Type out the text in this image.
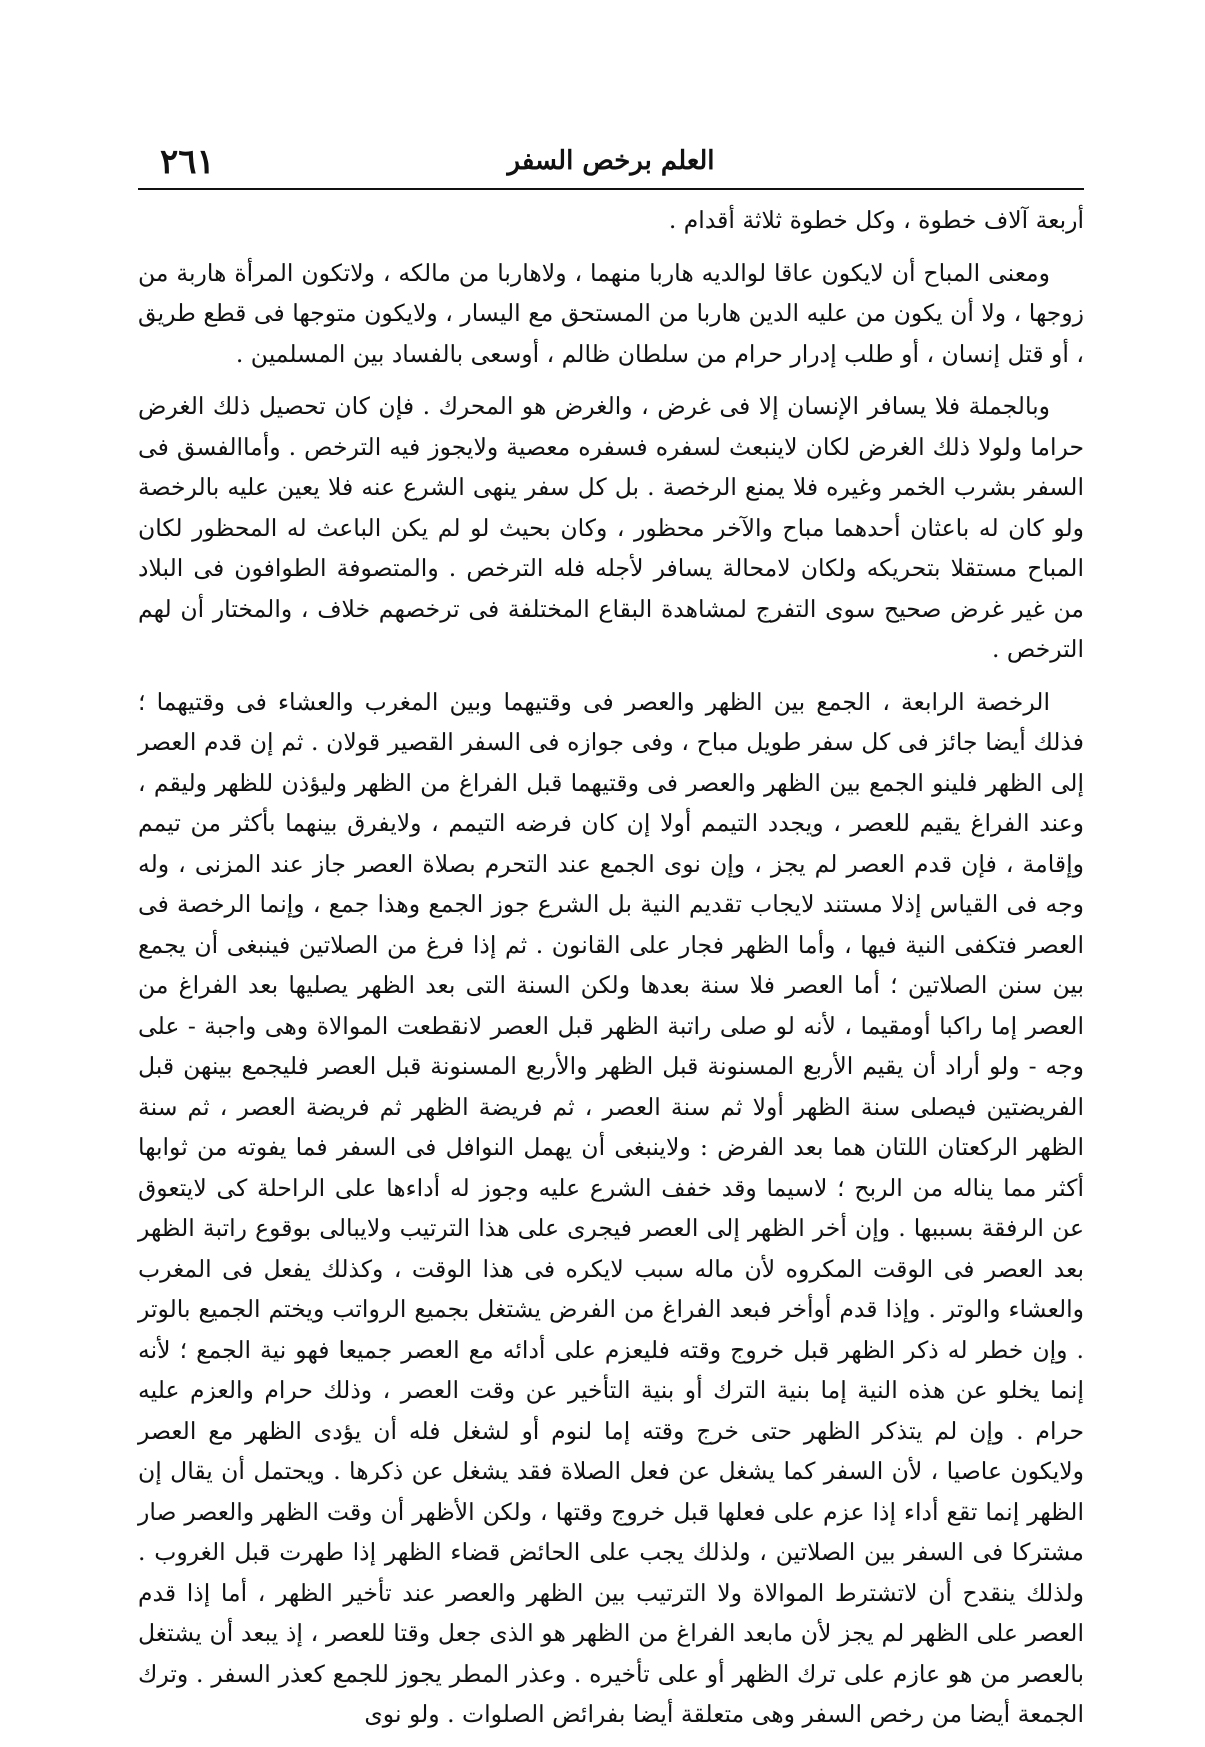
العلم برخص السفر
٢٦١

أربعة آلاف خطوة ، وكل خطوة ثلاثة أقدام .

ومعنى المباح أن لايكون عاقا لوالديه هاربا منهما ، ولاهاربا من مالكه ، ولاتكون المرأة هاربة من زوجها ، ولا أن يكون من عليه الدين هاربا من المستحق مع اليسار ، ولايكون متوجها فى قطع طريق ، أو قتل إنسان ، أو طلب إدرار حرام من سلطان ظالم ، أوسعى بالفساد بين المسلمين .

وبالجملة فلا يسافر الإنسان إلا فى غرض ، والغرض هو المحرك . فإن كان تحصيل ذلك الغرض حراما ولولا ذلك الغرض لكان لاينبعث لسفره فسفره معصية ولايجوز فيه الترخص . وأماالفسق فى السفر بشرب الخمر وغيره فلا يمنع الرخصة . بل كل سفر ينهى الشرع عنه فلا يعين عليه بالرخصة ولو كان له باعثان أحدهما مباح والآخر محظور ، وكان بحيث لو لم يكن الباعث له المحظور لكان المباح مستقلا بتحريكه ولكان لامحالة يسافر لأجله فله الترخص . والمتصوفة الطوافون فى البلاد من غير غرض صحيح سوى التفرج لمشاهدة البقاع المختلفة فى ترخصهم خلاف ، والمختار أن لهم الترخص .

الرخصة الرابعة ، الجمع بين الظهر والعصر فى وقتيهما وبين المغرب والعشاء فى وقتيهما ؛ فذلك أيضا جائز فى كل سفر طويل مباح ، وفى جوازه فى السفر القصير قولان . ثم إن قدم العصر إلى الظهر فلينو الجمع بين الظهر والعصر فى وقتيهما قبل الفراغ من الظهر وليؤذن للظهر وليقم ، وعند الفراغ يقيم للعصر ، ويجدد التيمم أولا إن كان فرضه التيمم ، ولايفرق بينهما بأكثر من تيمم وإقامة ، فإن قدم العصر لم يجز ، وإن نوى الجمع عند التحرم بصلاة العصر جاز عند المزنى ، وله وجه فى القياس إذلا مستند لايجاب تقديم النية بل الشرع جوز الجمع وهذا جمع ، وإنما الرخصة فى العصر فتكفى النية فيها ، وأما الظهر فجار على القانون . ثم إذا فرغ من الصلاتين فينبغى أن يجمع بين سنن الصلاتين ؛ أما العصر فلا سنة بعدها ولكن السنة التى بعد الظهر يصليها بعد الفراغ من العصر إما راكبا أومقيما ، لأنه لو صلى راتبة الظهر قبل العصر لانقطعت الموالاة وهى واجبة - على وجه - ولو أراد أن يقيم الأربع المسنونة قبل الظهر والأربع المسنونة قبل العصر فليجمع بينهن قبل الفريضتين فيصلى سنة الظهر أولا ثم سنة العصر ، ثم فريضة الظهر ثم فريضة العصر ، ثم سنة الظهر الركعتان اللتان هما بعد الفرض : ولاينبغى أن يهمل النوافل فى السفر فما يفوته من ثوابها أكثر مما يناله من الربح ؛ لاسيما وقد خفف الشرع عليه وجوز له أداءها على الراحلة كى لايتعوق عن الرفقة بسببها . وإن أخر الظهر إلى العصر فيجرى على هذا الترتيب ولايبالى بوقوع راتبة الظهر بعد العصر فى الوقت المكروه لأن ماله سبب لايكره فى هذا الوقت ، وكذلك يفعل فى المغرب والعشاء والوتر . وإذا قدم أوأخر فبعد الفراغ من الفرض يشتغل بجميع الرواتب ويختم الجميع بالوتر . وإن خطر له ذكر الظهر قبل خروج وقته فليعزم على أدائه مع العصر جميعا فهو نية الجمع ؛ لأنه إنما يخلو عن هذه النية إما بنية الترك أو بنية التأخير عن وقت العصر ، وذلك حرام والعزم عليه حرام . وإن لم يتذكر الظهر حتى خرج وقته إما لنوم أو لشغل فله أن يؤدى الظهر مع العصر ولايكون عاصيا ، لأن السفر كما يشغل عن فعل الصلاة فقد يشغل عن ذكرها . ويحتمل أن يقال إن الظهر إنما تقع أداء إذا عزم على فعلها قبل خروج وقتها ، ولكن الأظهر أن وقت الظهر والعصر صار مشتركا فى السفر بين الصلاتين ، ولذلك يجب على الحائض قضاء الظهر إذا طهرت قبل الغروب . ولذلك ينقدح أن لاتشترط الموالاة ولا الترتيب بين الظهر والعصر عند تأخير الظهر ، أما إذا قدم العصر على الظهر لم يجز لأن مابعد الفراغ من الظهر هو الذى جعل وقتا للعصر ، إذ يبعد أن يشتغل بالعصر من هو عازم على ترك الظهر أو على تأخيره . وعذر المطر يجوز للجمع كعذر السفر . وترك الجمعة أيضا من رخص السفر وهى متعلقة أيضا بفرائض الصلوات . ولو نوى
